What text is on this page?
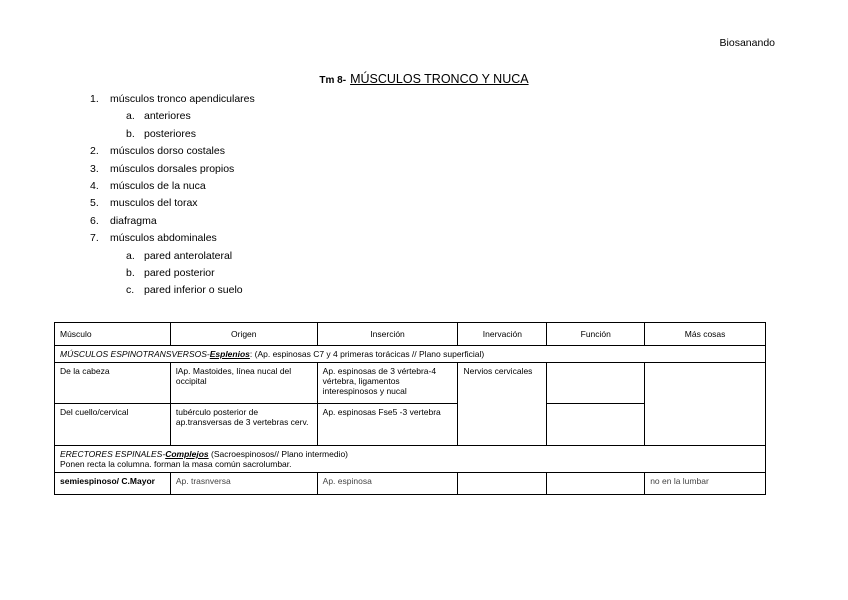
Biosanando
Tm 8- MÚSCULOS TRONCO Y NUCA
1.	músculos tronco apendiculares
a. anteriores
b. posteriores
2.	músculos dorso costales
3.	músculos dorsales propios
4.	músculos de la nuca
5.	musculos del torax
6.	diafragma
7.	músculos abdominales
a. pared anterolateral
b. pared posterior
c. pared inferior o suelo
Músculo	Origen	Inserción	Inervación	Función	Más cosas
MÚSCULOS ESPINOTRANSVERSOS-Esplenios: (Ap. espinosas C7 y 4 primeras torácicas // Plano superficial)					
De la cabeza	lAp. Mastoides, línea nucal del occipital	Ap. espinosas de 3 vértebra-4 vértebra, ligamentos interespinosos y nucal	Nervios cervicales		
Del cuello/cervical	tubérculo posterior de ap.transversas de 3 vertebras cerv.	Ap. espinosas Fse5 -3 vertebra			
ERECTORES ESPINALES-Complejos (Sacroespinosos// Plano intermedio)
Ponen recta la columna. forman la masa común sacrolumbar.					
semiespinoso/ C.Mayor	Ap. trasnversa	Ap. espinosa			no en la lumbar
